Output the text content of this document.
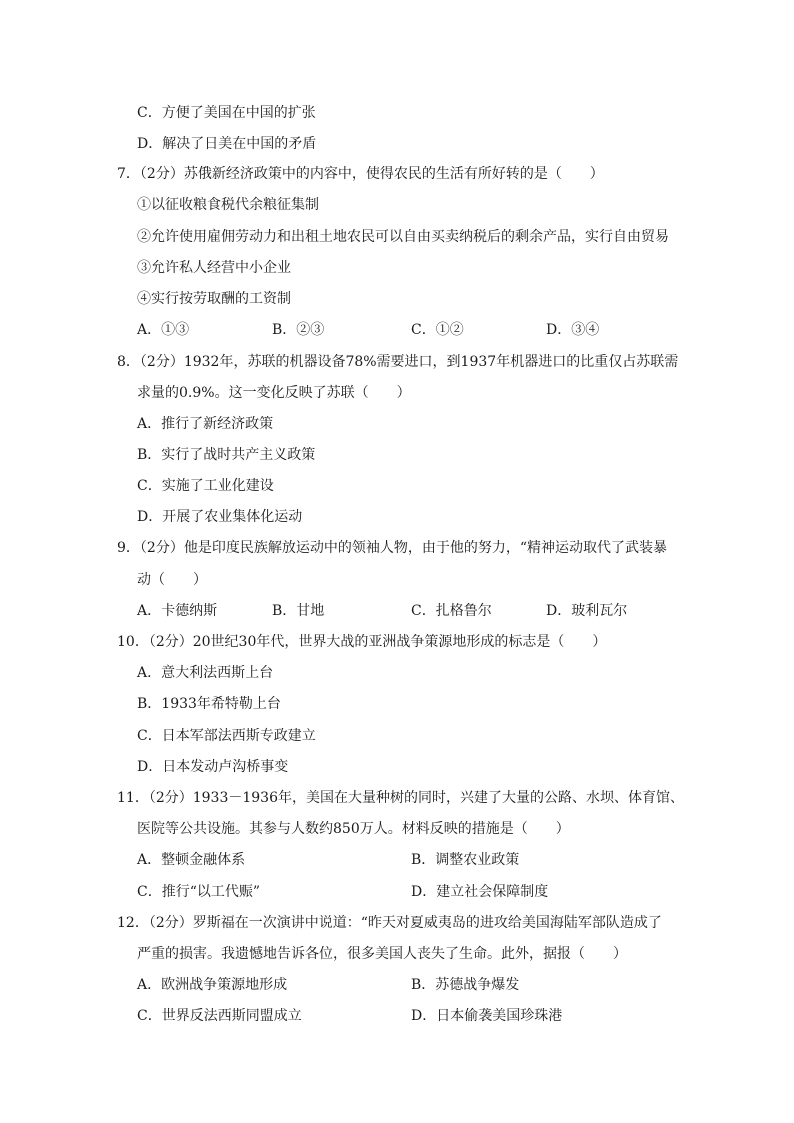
C．方便了美国在中国的扩张
D．解决了日美在中国的矛盾
7．（2分）苏俄新经济政策中的内容中，使得农民的生活有所好转的是（　　）
①以征收粮食税代余粮征集制
②允许使用雇佣劳动力和出租土地农民可以自由买卖纳税后的剩余产品，实行自由贸易
③允许私人经营中小企业
④实行按劳取酬的工资制
A．①③	B．②③	C．①②	D．③④
8．（2分）1932年，苏联的机器设备78%需要进口，到1937年机器进口的比重仅占苏联需
求量的0.9%。这一变化反映了苏联（　　）
A．推行了新经济政策
B．实行了战时共产主义政策
C．实施了工业化建设
D．开展了农业集体化运动
9．（2分）他是印度民族解放运动中的领袖人物，由于他的努力，“精神运动取代了武装暴
动（　　）
A．卡德纳斯	B．甘地	C．扎格鲁尔	D．玻利瓦尔
10．（2分）20世纪30年代，世界大战的亚洲战争策源地形成的标志是（　　）
A．意大利法西斯上台
B．1933年希特勒上台
C．日本军部法西斯专政建立
D．日本发动卢沟桥事变
11．（2分）1933－1936年，美国在大量种树的同时，兴建了大量的公路、水坝、体育馆、
医院等公共设施。其参与人数约850万人。材料反映的措施是（　　）
A．整顿金融体系	B．调整农业政策
C．推行“以工代赈”	D．建立社会保障制度
12．（2分）罗斯福在一次演讲中说道：“昨天对夏威夷岛的进攻给美国海陆军部队造成了
严重的损害。我遗憾地告诉各位，很多美国人丧失了生命。此外，据报（　　）
A．欧洲战争策源地形成	B．苏德战争爆发
C．世界反法西斯同盟成立	D．日本偷袭美国珍珠港
